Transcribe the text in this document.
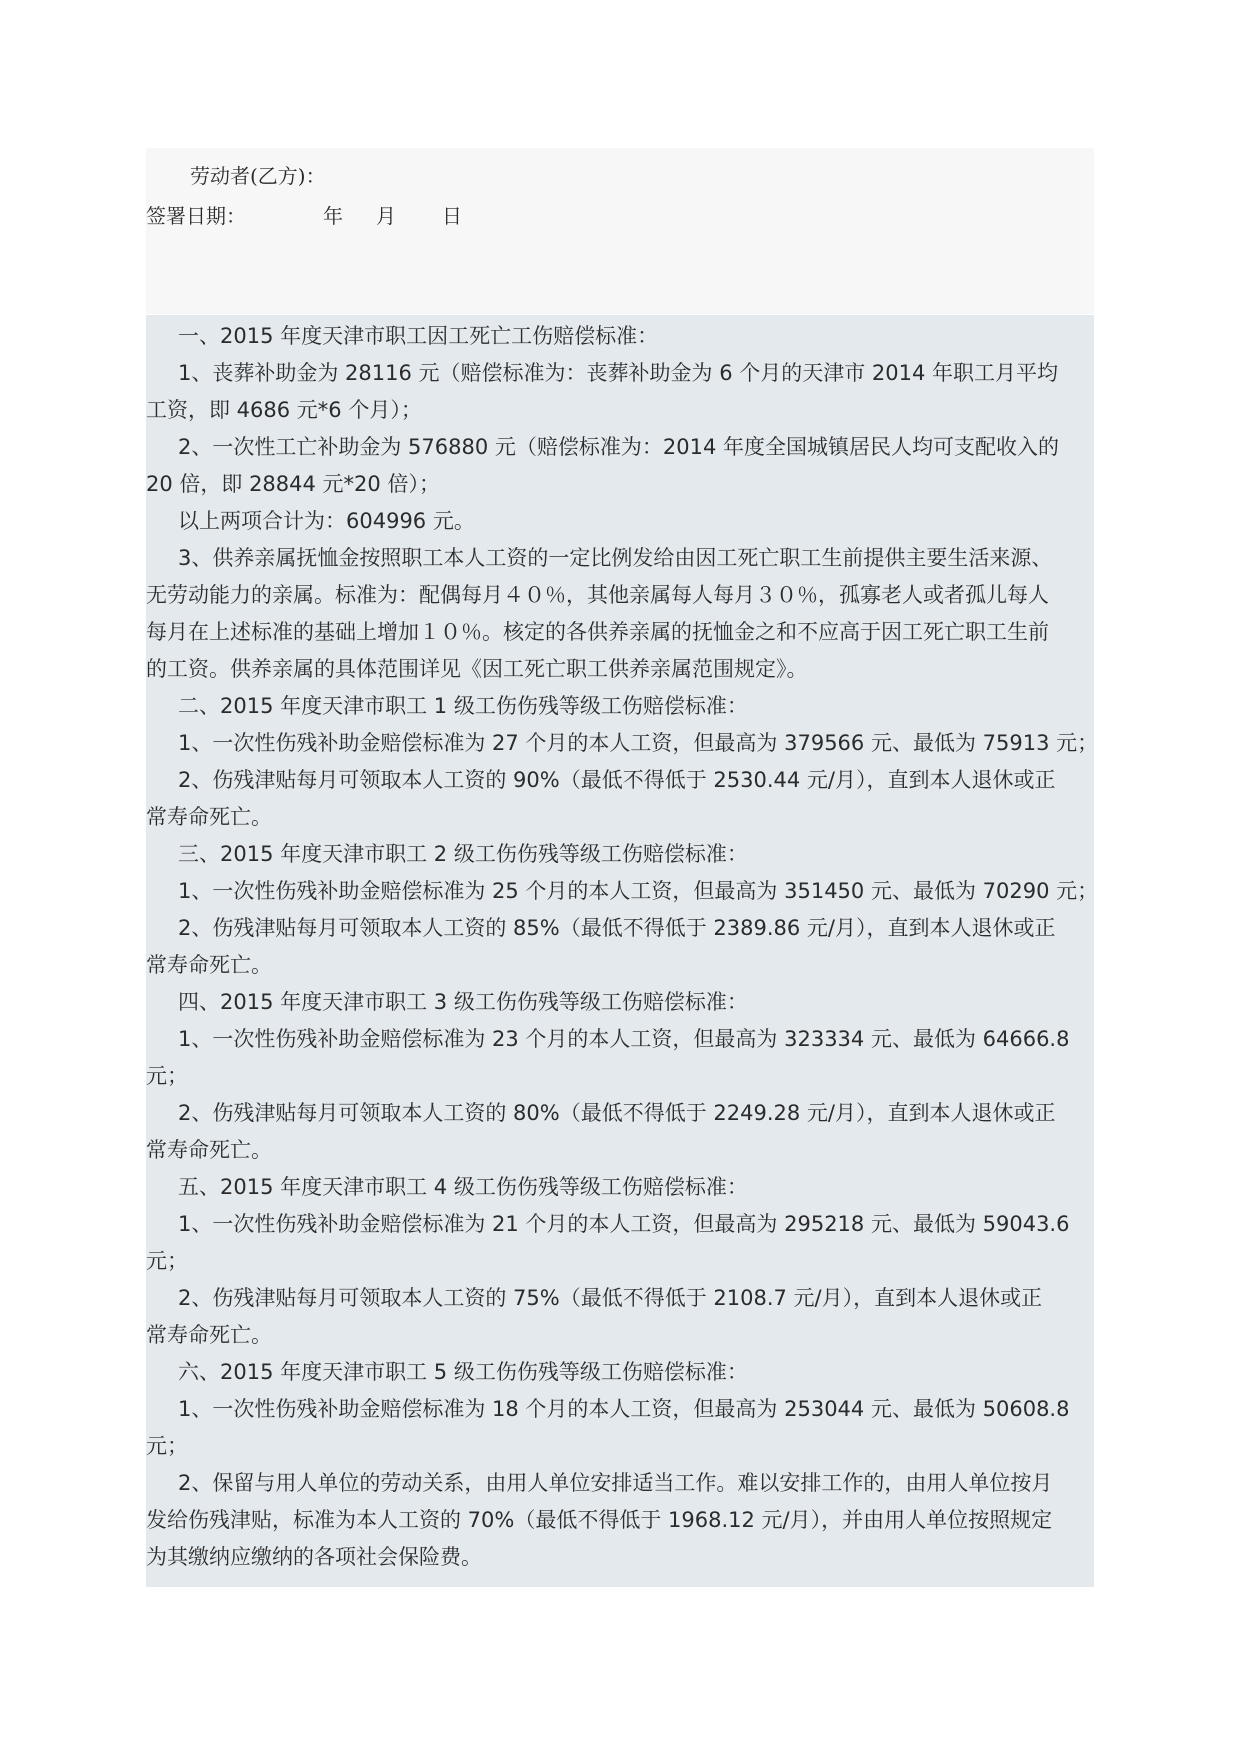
劳动者(乙方)：

签署日期：

	年

月

日

一、2015 年度天津市职工因工死亡工伤赔偿标准：
1、丧葬补助金为 28116 元（赔偿标准为：丧葬补助金为 6 个月的天津市 2014 年职工月平均
工资，即 4686 元*6 个月）；
2、一次性工亡补助金为 576880 元（赔偿标准为：2014 年度全国城镇居民人均可支配收入的
20 倍，即 28844 元*20 倍）；
以上两项合计为：604996 元。
3、供养亲属抚恤金按照职工本人工资的一定比例发给由因工死亡职工生前提供主要生活来源、
无劳动能力的亲属。标准为：配偶每月４０％，其他亲属每人每月３０％，孤寡老人或者孤儿每人
每月在上述标准的基础上增加１０％。核定的各供养亲属的抚恤金之和不应高于因工死亡职工生前
的工资。供养亲属的具体范围详见《因工死亡职工供养亲属范围规定》。
二、2015 年度天津市职工 1 级工伤伤残等级工伤赔偿标准：
1、一次性伤残补助金赔偿标准为 27 个月的本人工资，但最高为 379566 元、最低为 75913 元；
2、伤残津贴每月可领取本人工资的 90%（最低不得低于 2530.44 元/月），直到本人退休或正
常寿命死亡。
三、2015 年度天津市职工 2 级工伤伤残等级工伤赔偿标准：
1、一次性伤残补助金赔偿标准为 25 个月的本人工资，但最高为 351450 元、最低为 70290 元；
2、伤残津贴每月可领取本人工资的 85%（最低不得低于 2389.86 元/月），直到本人退休或正
常寿命死亡。
四、2015 年度天津市职工 3 级工伤伤残等级工伤赔偿标准：
1、一次性伤残补助金赔偿标准为 23 个月的本人工资，但最高为 323334 元、最低为 64666.8
元；
2、伤残津贴每月可领取本人工资的 80%（最低不得低于 2249.28 元/月），直到本人退休或正
常寿命死亡。
五、2015 年度天津市职工 4 级工伤伤残等级工伤赔偿标准：
1、一次性伤残补助金赔偿标准为 21 个月的本人工资，但最高为 295218 元、最低为 59043.6
元；
2、伤残津贴每月可领取本人工资的 75%（最低不得低于 2108.7 元/月），直到本人退休或正
常寿命死亡。
六、2015 年度天津市职工 5 级工伤伤残等级工伤赔偿标准：
1、一次性伤残补助金赔偿标准为 18 个月的本人工资，但最高为 253044 元、最低为 50608.8
元；
2、保留与用人单位的劳动关系，由用人单位安排适当工作。难以安排工作的，由用人单位按月
发给伤残津贴，标准为本人工资的 70%（最低不得低于 1968.12 元/月），并由用人单位按照规定
为其缴纳应缴纳的各项社会保险费。
